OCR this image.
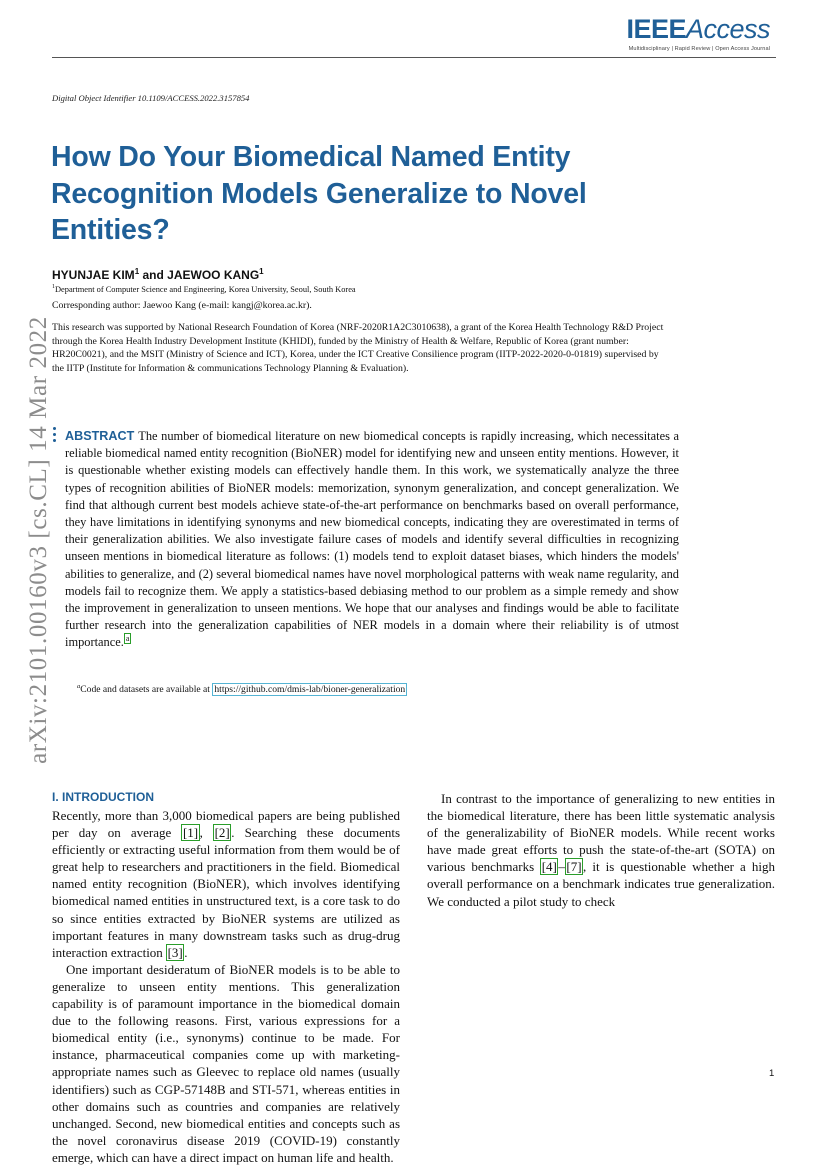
IEEEAccess
Multidisciplinary | Rapid Review | Open Access Journal
Digital Object Identifier 10.1109/ACCESS.2022.3157854
How Do Your Biomedical Named Entity Recognition Models Generalize to Novel Entities?
HYUNJAE KIM$^1$ and JAEWOO KANG$^1$
$^1$Department of Computer Science and Engineering, Korea University, Seoul, South Korea
Corresponding author: Jaewoo Kang (e-mail: kangj@korea.ac.kr).
This research was supported by National Research Foundation of Korea (NRF-2020R1A2C3010638), a grant of the Korea Health Technology R&D Project through the Korea Health Industry Development Institute (KHIDI), funded by the Ministry of Health & Welfare, Republic of Korea (grant number: HR20C0021), and the MSIT (Ministry of Science and ICT), Korea, under the ICT Creative Consilience program (IITP-2022-2020-0-01819) supervised by the IITP (Institute for Information & communications Technology Planning & Evaluation).
arXiv:2101.00160v3 [cs.CL] 14 Mar 2022 ABSTRACT The number of biomedical literature on new biomedical concepts is rapidly increasing, which necessitates a reliable biomedical named entity recognition (BioNER) model for identifying new and unseen entity mentions. However, it is questionable whether existing models can effectively handle them. In this work, we systematically analyze the three types of recognition abilities of BioNER models: memorization, synonym generalization, and concept generalization. We find that although current best models achieve state-of-the-art performance on benchmarks based on overall performance, they have limitations in identifying synonyms and new biomedical concepts, indicating they are overestimated in terms of their generalization abilities. We also investigate failure cases of models and identify several difficulties in recognizing unseen mentions in biomedical literature as follows: (1) models tend to exploit dataset biases, which hinders the models' abilities to generalize, and (2) several biomedical names have novel morphological patterns with weak name regularity, and models fail to recognize them. We apply a statistics-based debiasing method to our problem as a simple remedy and show the improvement in generalization to unseen mentions. We hope that our analyses and findings would be able to facilitate further research into the generalization capabilities of NER models in a domain where their reliability is of utmost importance. $^a$
$^a$Code and datasets are available at https://github.com/dmis-lab/bioner-generalization
I. INTRODUCTION

Recently, more than 3,000 biomedical papers are being published per day on average [1] , [2] . Searching these documents efficiently or extracting useful information from them would be of great help to researchers and practitioners in the field. Biomedical named entity recognition (BioNER), which involves identifying biomedical named entities in unstructured text, is a core task to do so since entities extracted by BioNER systems are utilized as important features in many downstream tasks such as drug-drug interaction extraction [3] .

One important desideratum of BioNER models is to be able to generalize to unseen entity mentions. This generalization capability is of paramount importance in the biomedical domain due to the following reasons. First, various expressions for a biomedical entity (i.e., synonyms) continue to be made. For instance, pharmaceutical companies come up with marketing-appropriate names such as Gleevec to replace old names (usually identifiers) such as CGP-57148B and STI-571, whereas entities in other domains such as countries and companies are relatively unchanged. Second, new biomedical entities and concepts such as the novel coronavirus disease 2019 (COVID-19) constantly emerge, which can have a direct impact on human life and health.

In contrast to the importance of generalizing to new entities in the biomedical literature, there has been little systematic analysis of the generalizability of BioNER models. While recent works have made great efforts to push the state-of-the-art (SOTA) on various benchmarks [4] – [7] , it is questionable whether a high overall performance on a benchmark indicates true generalization. We conducted a pilot study to check

1
